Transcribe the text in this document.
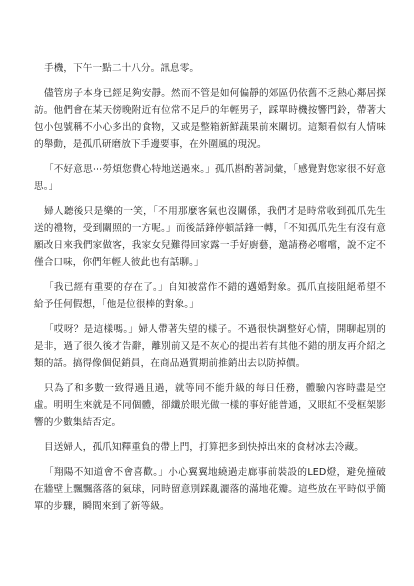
手機，下午一點二十八分。訊息零。

儘管房子本身已經足夠安靜。然而不管是如何偏靜的郊區仍依舊不乏熱心鄰居探訪。他們會在某天傍晚附近有位常不足戶的年輕男子，踩單時機按響門鈴，帶著大包小包號稱不小心多出的食物，又或是整箱新鮮蔬果前來關切。這類看似有人情味的舉動，是孤爪研磨放下手邊要事，在外圍風的現況。

「不好意思⋯勞煩您費心特地送過來。」孤爪斟酌著詞彙，「感覺對您家很不好意思。」

婦人聽後只是樂的一笑，「不用那麼客氣也沒關係，我們才是時常收到孤爪先生送的禮物，受到關照的一方呢。」而後話鋒停頓話鋒一轉，「不知孤爪先生有沒有意願改日來我們家做客，我家女兒難得回家露一手好廚藝，邀請務必嚐嚐，說不定不僅合口味，你們年輕人彼此也有話聊。」

「我已經有重要的存在了。」自知被當作不錯的邁婚對象。孤爪直接阻絕希望不給予任何假想，「他是位很棒的對象。」

「哎呀？是這樣嗎。」婦人帶著失望的樣子。不過很快調整好心情，開聊起別的是非，過了很久後才告辭，離別前又是不灰心的提出若有其他不錯的朋友再介紹之類的話。搞得像個促銷員，在商品過質期前推銷出去以防掉價。

只為了和多數一致得過且過，就等同不能升級的每日任務，體驗內容時盡是空虛。明明生來就是不同個體，卻纖於眼光做一樣的事好能普通，又眼紅不受框架影響的少數集結否定。

目送婦人，孤爪知釋重負的帶上門，打算把多到快掉出來的食材冰去冷藏。

「翔陽不知道會不會喜歡。」小心翼翼地繞過走廊事前裝設的LED燈，避免撞破在牆壁上飄飄落落的氣球，同時留意別踩亂灑落的滿地花瓣。這些放在平時似乎簡單的步驟，瞬間來到了新等級。
